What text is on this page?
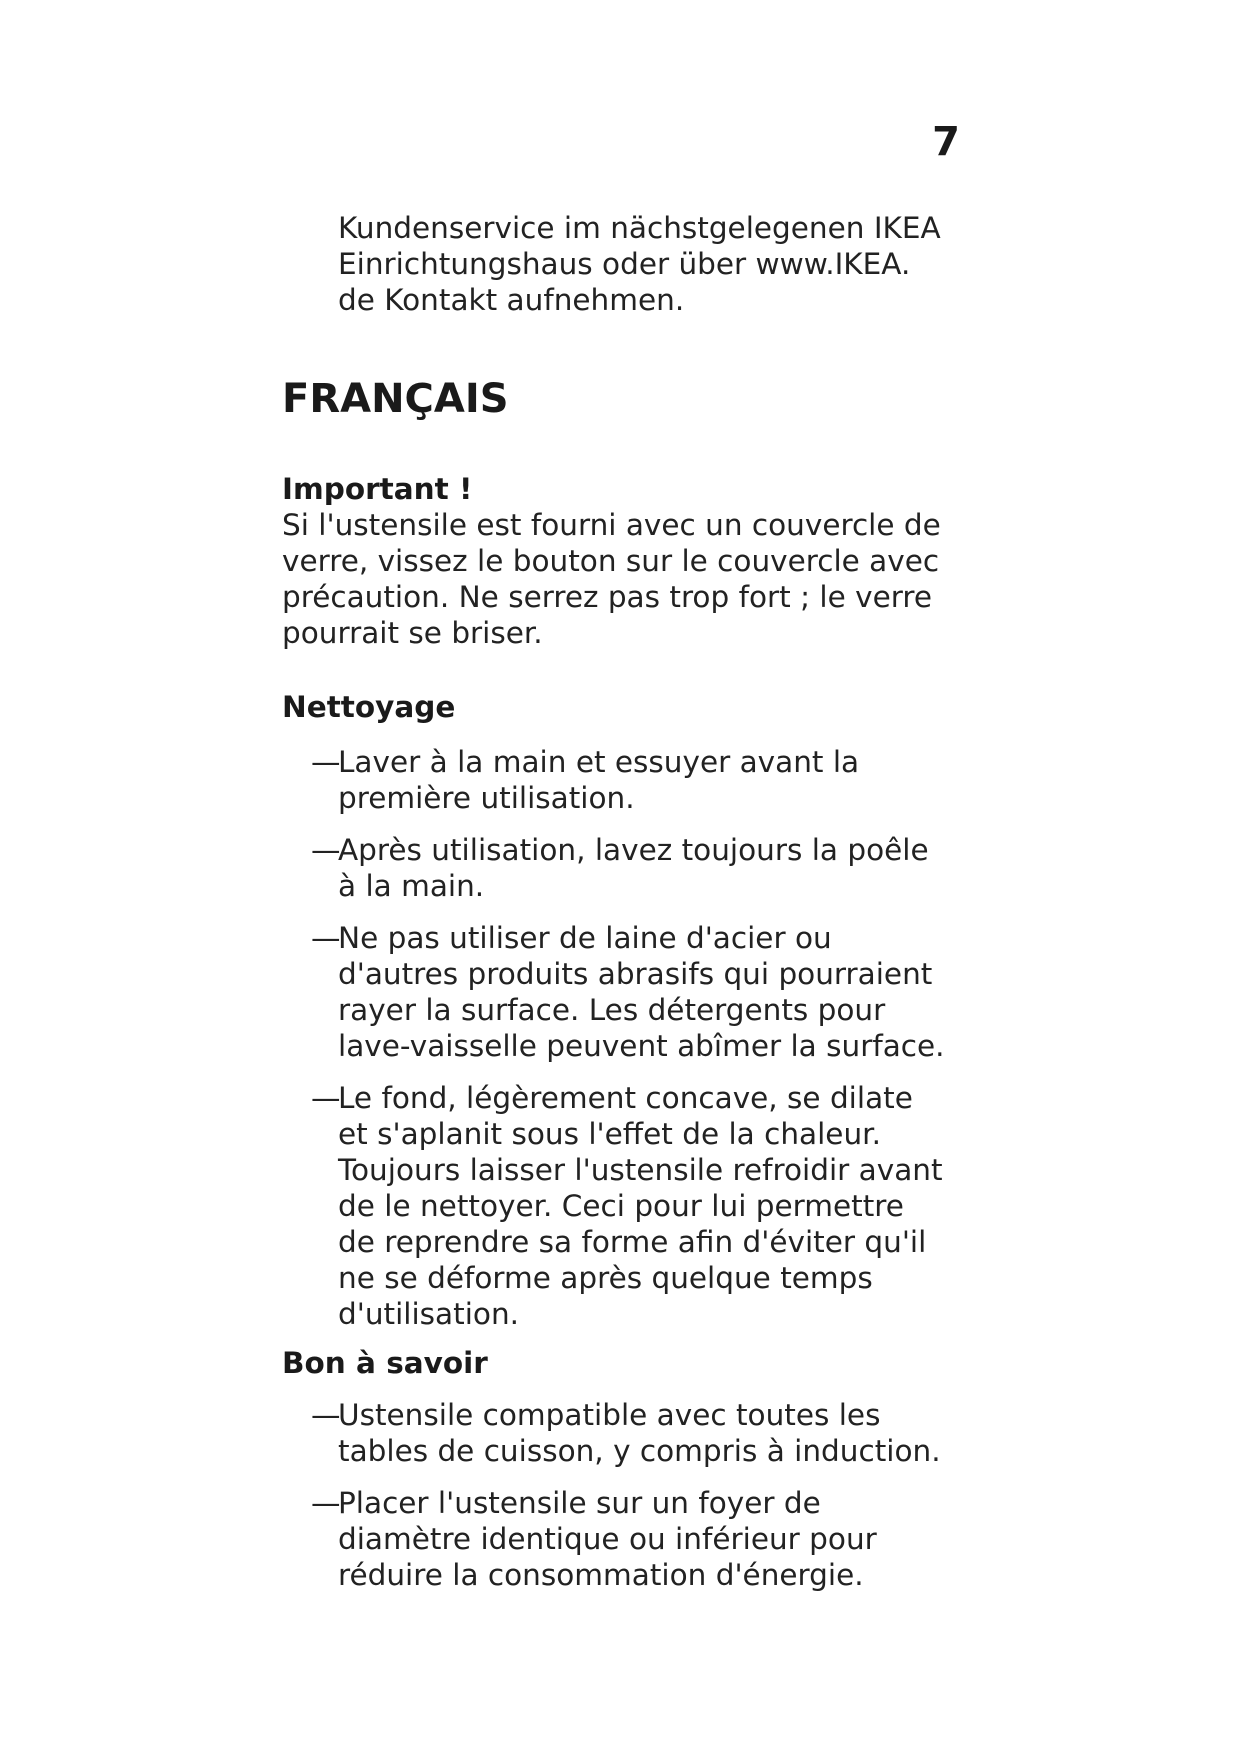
7
Kundenservice im nächstgelegenen IKEA
Einrichtungshaus oder über www.IKEA.
de Kontakt aufnehmen.
FRANÇAIS
Important !
Si l'ustensile est fourni avec un couvercle de
verre, vissez le bouton sur le couvercle avec
précaution. Ne serrez pas trop fort ; le verre
pourrait se briser.
Nettoyage
—
Laver à la main et essuyer avant la
première utilisation.
—
Après utilisation, lavez toujours la poêle
à la main.
—
Ne pas utiliser de laine d'acier ou
d'autres produits abrasifs qui pourraient
rayer la surface. Les détergents pour
lave-vaisselle peuvent abîmer la surface.
—
Le fond, légèrement concave, se dilate
et s'aplanit sous l'effet de la chaleur.
Toujours laisser l'ustensile refroidir avant
de le nettoyer. Ceci pour lui permettre
de reprendre sa forme afin d'éviter qu'il
ne se déforme après quelque temps
d'utilisation.
Bon à savoir
—
Ustensile compatible avec toutes les
tables de cuisson, y compris à induction.
—
Placer l'ustensile sur un foyer de
diamètre identique ou inférieur pour
réduire la consommation d'énergie.
